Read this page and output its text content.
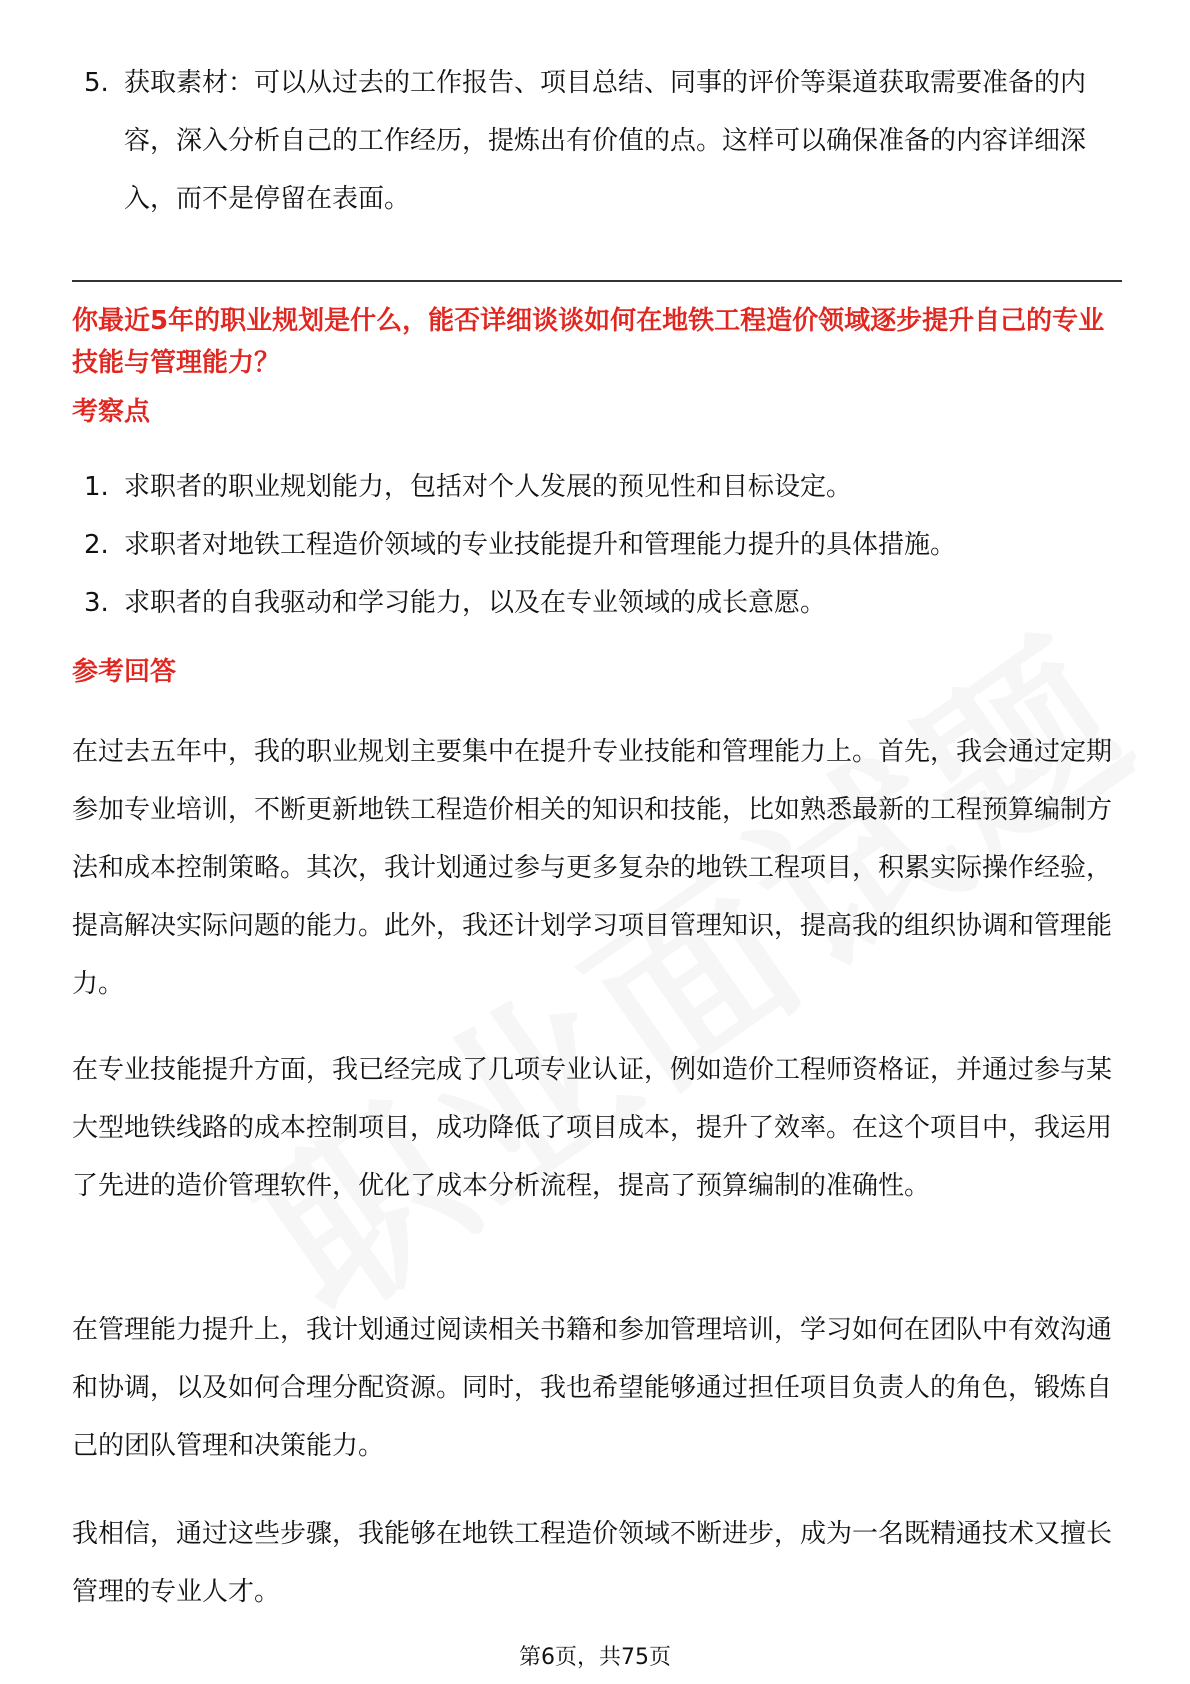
5. 获取素材：可以从过去的工作报告、项目总结、同事的评价等渠道获取需要准备的内容，深入分析自己的工作经历，提炼出有价值的点。这样可以确保准备的内容详细深入，而不是停留在表面。
你最近5年的职业规划是什么，能否详细谈谈如何在地铁工程造价领域逐步提升自己的专业技能与管理能力？
考察点
1. 求职者的职业规划能力，包括对个人发展的预见性和目标设定。
2. 求职者对地铁工程造价领域的专业技能提升和管理能力提升的具体措施。
3. 求职者的自我驱动和学习能力，以及在专业领域的成长意愿。
参考回答

在过去五年中，我的职业规划主要集中在提升专业技能和管理能力上。首先，我会通过定期参加专业培训，不断更新地铁工程造价相关的知识和技能，比如熟悉最新的工程预算编制方法和成本控制策略。其次，我计划通过参与更多复杂的地铁工程项目，积累实际操作经验，提高解决实际问题的能力。此外，我还计划学习项目管理知识，提高我的组织协调和管理能力。

在专业技能提升方面，我已经完成了几项专业认证，例如造价工程师资格证，并通过参与某大型地铁线路的成本控制项目，成功降低了项目成本，提升了效率。在这个项目中，我运用了先进的造价管理软件，优化了成本分析流程，提高了预算编制的准确性。

在管理能力提升上，我计划通过阅读相关书籍和参加管理培训，学习如何在团队中有效沟通和协调，以及如何合理分配资源。同时，我也希望能够通过担任项目负责人的角色，锻炼自己的团队管理和决策能力。

我相信，通过这些步骤，我能够在地铁工程造价领域不断进步，成为一名既精通技术又擅长管理的专业人才。

第6页，共75页
